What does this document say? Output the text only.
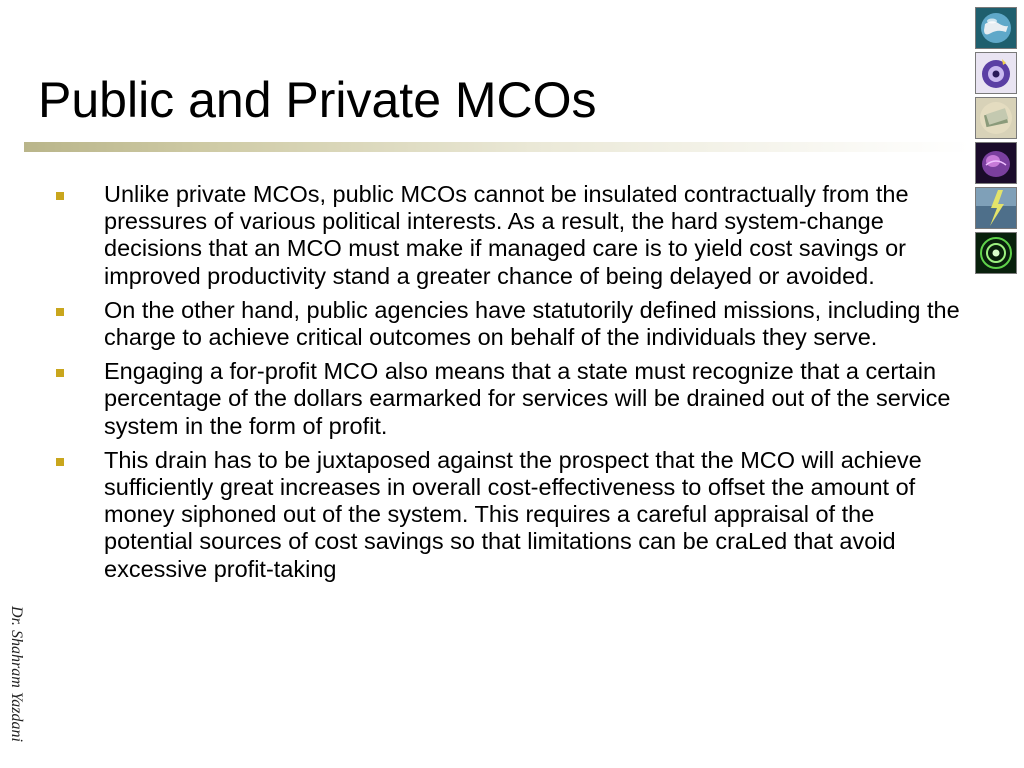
Public and Private MCOs
Unlike private MCOs, public MCOs cannot be insulated contractually from the pressures of various political interests. As a result, the hard system-change decisions that an MCO must make if managed care is to yield cost savings or improved productivity stand a greater chance of being delayed or avoided.
On the other hand, public agencies have statutorily defined missions, including the charge to achieve critical outcomes on behalf of the individuals they serve.
Engaging a for-profit MCO also means that a state must recognize that a certain percentage of the dollars earmarked for services will be drained out of the service system in the form of profit.
This drain has to be juxtaposed against the prospect that the MCO will achieve sufficiently great increases in overall cost-effectiveness to offset the amount of money siphoned out of the system. This requires a careful appraisal of the potential sources of cost savings so that limitations can be craLed that avoid excessive profit-taking
Dr. Shahram Yazdani
